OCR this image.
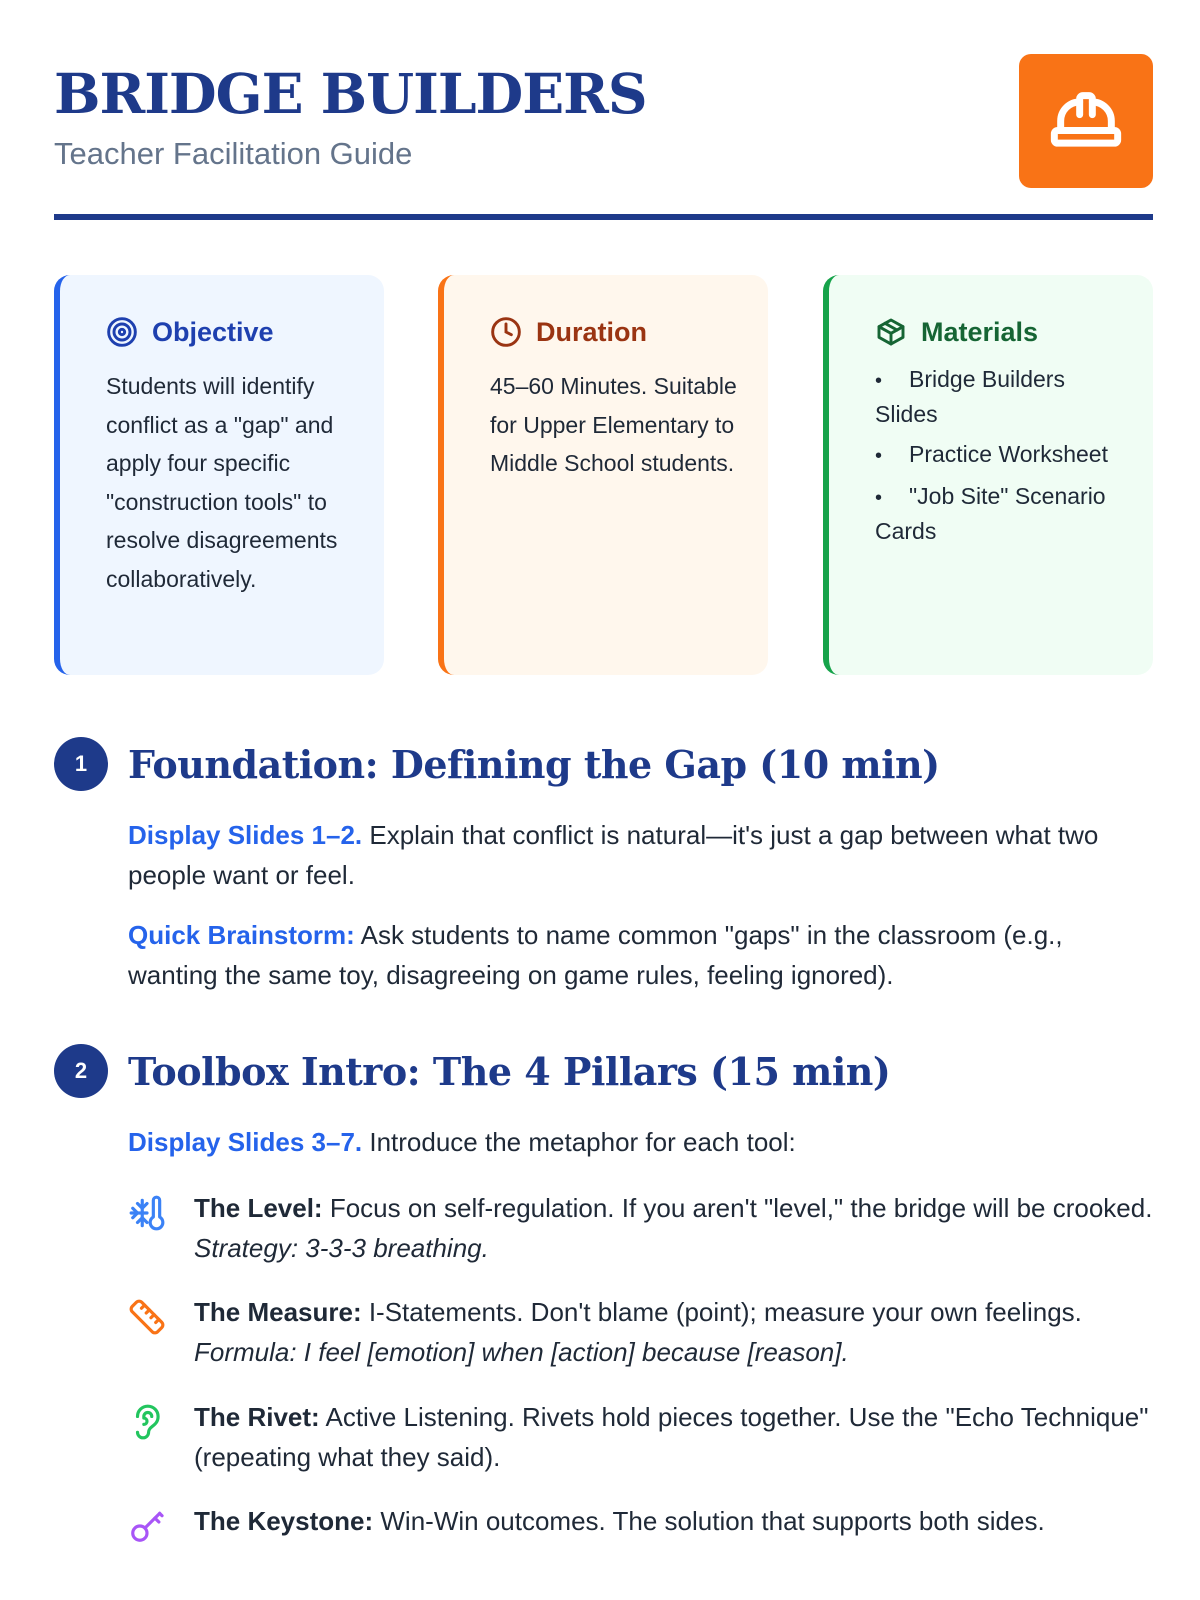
BRIDGE BUILDERS
Teacher Facilitation Guide
Objective
Students will identify conflict as a "gap" and apply four specific "construction tools" to resolve disagreements collaboratively.
Duration
45–60 Minutes. Suitable for Upper Elementary to Middle School students.
Materials
• Bridge Builders Slides
• Practice Worksheet
• "Job Site" Scenario Cards
1	Foundation: Defining the Gap (10 min)
Display Slides 1–2. Explain that conflict is natural—it's just a gap between what two people want or feel.
Quick Brainstorm: Ask students to name common "gaps" in the classroom (e.g., wanting the same toy, disagreeing on game rules, feeling ignored).
2	Toolbox Intro: The 4 Pillars (15 min)
Display Slides 3–7. Introduce the metaphor for each tool:
The Level: Focus on self-regulation. If you aren't "level," the bridge will be crooked. Strategy: 3-3-3 breathing.
The Measure: I-Statements. Don't blame (point); measure your own feelings. Formula: I feel [emotion] when [action] because [reason].
The Rivet: Active Listening. Rivets hold pieces together. Use the "Echo Technique" (repeating what they said).
The Keystone: Win-Win outcomes. The solution that supports both sides.
